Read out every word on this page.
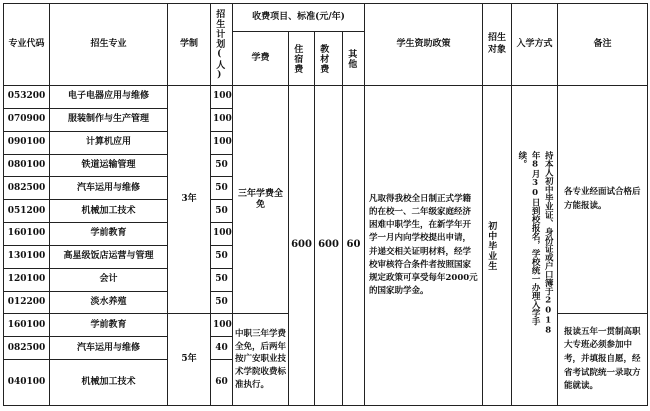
专业代码	招生专业	学制	招生计划(人)	收费项目、标准(元/年)				学生资助政策	招生对象	入学方式	备注
				学费	住宿费	教材费	其他				

053200	电子电器应用与维修	3年	100	三年学费全免	600	600	60	凡取得我校全日制正式学籍的在校一、二年级家庭经济困难中职学生，在新学年开学一月内向学校提出申请，并递交相关证明材料，经学校审核符合条件者按照国家规定政策可享受每年2000元的国家助学金。	初中毕业生	持本人初中毕业证、身份证或户口簿于2018年8月30日到校报名，学校统一办理入学手续。	各专业经面试合格后方能报读。
070900	服装制作与生产管理		100								
090100	计算机应用		100								
080100	铁道运输管理		50								
082500	汽车运用与维修		50								
051200	机械加工技术		50								
160100	学前教育		100								
130100	高星级饭店运营与管理		50								
120100	会计		50								
012200	淡水养殖		50								
160100	学前教育	5年	100	中职三年学费全免，后两年按广安职业技术学院收费标准执行。							报读五年一贯制高职大专班必须参加中考，并填报自愿，经省考试院统一录取方能就读。
082500	汽车运用与维修		40								
040100	机械加工技术		60								
